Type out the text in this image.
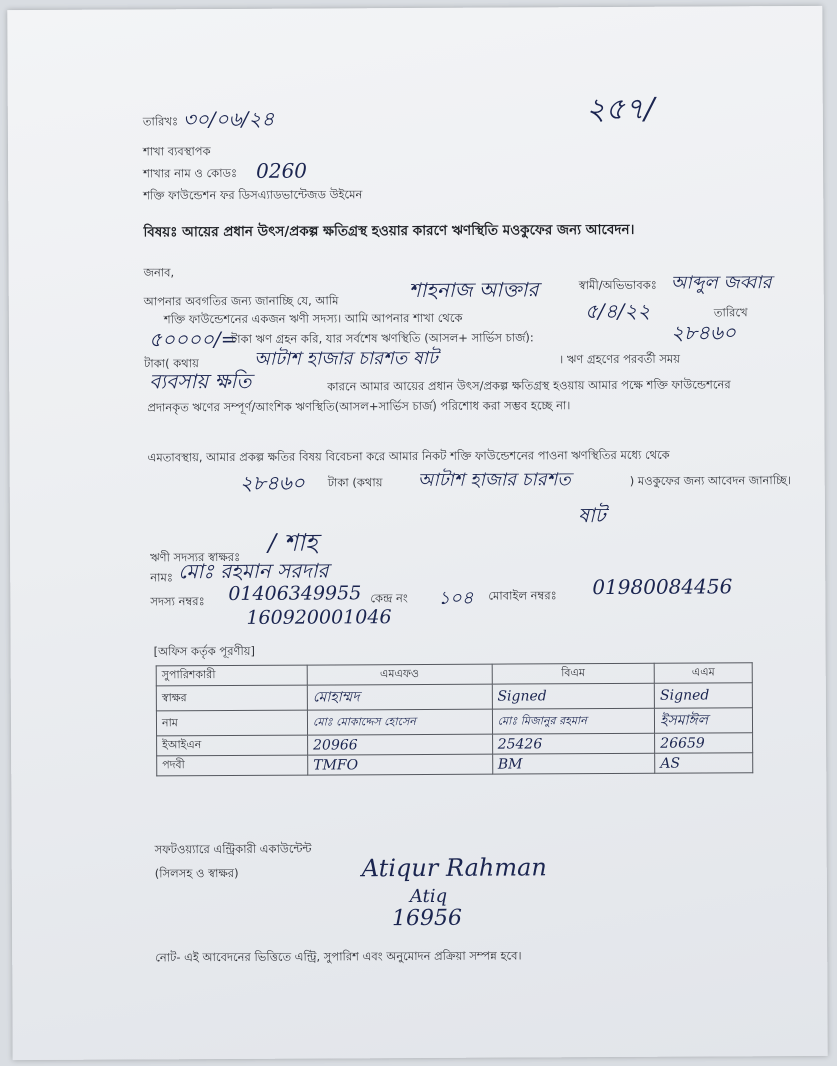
২৫৭/
তারিখঃ ৩০/০৬/২৪
শাখা ব্যবস্থাপক
শাখার নাম ও কোডঃ 0260
শক্তি ফাউন্ডেশন ফর ডিসএ্যাডভান্টেজড উইমেন
বিষয়ঃ আয়ের প্রধান উৎস/প্রকল্প ক্ষতিগ্রস্থ হওয়ার কারণে ঋণস্থিতি মওকুফের জন্য আবেদন।
জনাব,
আপনার অবগতির জন্য জানাচ্ছি যে, আমি	শাহনাজ আক্তার	স্বামী/অভিভাবকঃ আব্দুল জব্বার
শক্তি ফাউন্ডেশনের একজন ঋণী সদস্য। আমি আপনার শাখা থেকে	৫/৪/২২	তারিখে
৫০০০০/=
টাকা ঋণ গ্রহন করি, যার সর্বশেষ ঋণস্থিতি (আসল+ সার্ভিস চার্জ):	২৮৪৬০
টাকা( কথায়	আটাশ হাজার চারশত ষাট	। ঋণ গ্রহণের পরবর্তী সময়
ব্যবসায় ক্ষতি	কারনে আমার আয়ের প্রধান উৎস/প্রকল্প ক্ষতিগ্রস্থ হওয়ায় আমার পক্ষে শক্তি ফাউন্ডেশনের প্রদানকৃত ঋণের সম্পূর্ণ/আংশিক ঋণস্থিতি(আসল+সার্ভিস চার্জ) পরিশোধ করা সম্ভব হচ্ছে না।
এমতাবস্থায়, আমার প্রকল্প ক্ষতির বিষয় বিবেচনা করে আমার নিকট শক্তি ফাউন্ডেশনের পাওনা ঋণস্থিতির মধ্যে থেকে
২৮৪৬০ টাকা (কথায় আটাশ হাজার চারশত	) মওকুফের জন্য আবেদন জানাচ্ছি।
ষাট
ঋণী সদস্যর স্বাক্ষরঃ
/ শাহ
নামঃ মোঃ রহমান সরদার
সদস্য নম্বরঃ 01406349955 কেন্দ্র নং ১০৪ মোবাইল নম্বরঃ 01980084456
160920001046
[অফিস কর্তৃক পূরণীয়]
সুপারিশকারী	এমএফও	বিএম	এএম
স্বাক্ষর	মোহাম্মদ	Signed	Signed
নাম	মোঃ মোকাদ্দেস হোসেন	মোঃ মিজানুর রহমান	ইসমাঈল
ইআইএন	20966	25426	26659
পদবী	TMFO	BM	AS
সফটওয়্যারে এন্ট্রিকারী একাউন্টেন্ট
(সিলসহ ও স্বাক্ষর)	Atiqur Rahman
Atiq
16956
নোট- এই আবেদনের ভিত্তিতে এন্ট্রি, সুপারিশ এবং অনুমোদন প্রক্রিয়া সম্পন্ন হবে।
